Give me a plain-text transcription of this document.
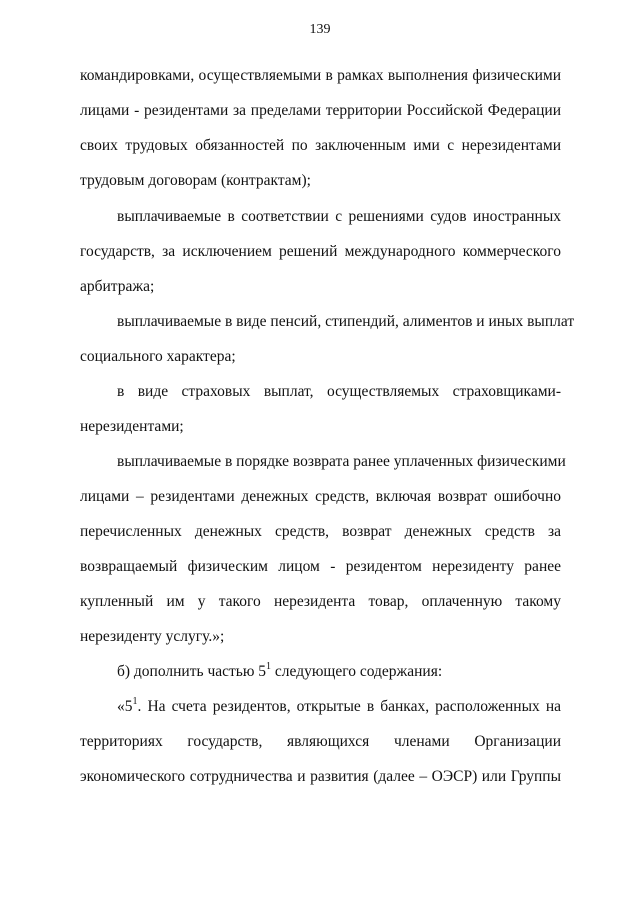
139
командировками, осуществляемыми в рамках выполнения физическими
лицами - резидентами за пределами территории Российской Федерации
своих трудовых обязанностей по заключенным ими с нерезидентами
трудовым договорам (контрактам);
выплачиваемые в соответствии с решениями судов иностранных
государств, за исключением решений международного коммерческого
арбитража;
выплачиваемые в виде пенсий, стипендий, алиментов и иных выплат
социального характера;
в виде страховых выплат, осуществляемых страховщиками-
нерезидентами;
выплачиваемые в порядке возврата ранее уплаченных физическими
лицами – резидентами денежных средств, включая возврат ошибочно
перечисленных денежных средств, возврат денежных средств за
возвращаемый физическим лицом - резидентом нерезиденту ранее
купленный им у такого нерезидента товар, оплаченную такому
нерезиденту услугу.»;
б) дополнить частью $5^1$ следующего содержания:
«$5^1$. На счета резидентов, открытые в банках, расположенных на
территориях государств, являющихся членами Организации
экономического сотрудничества и развития (далее – ОЭСР) или Группы
